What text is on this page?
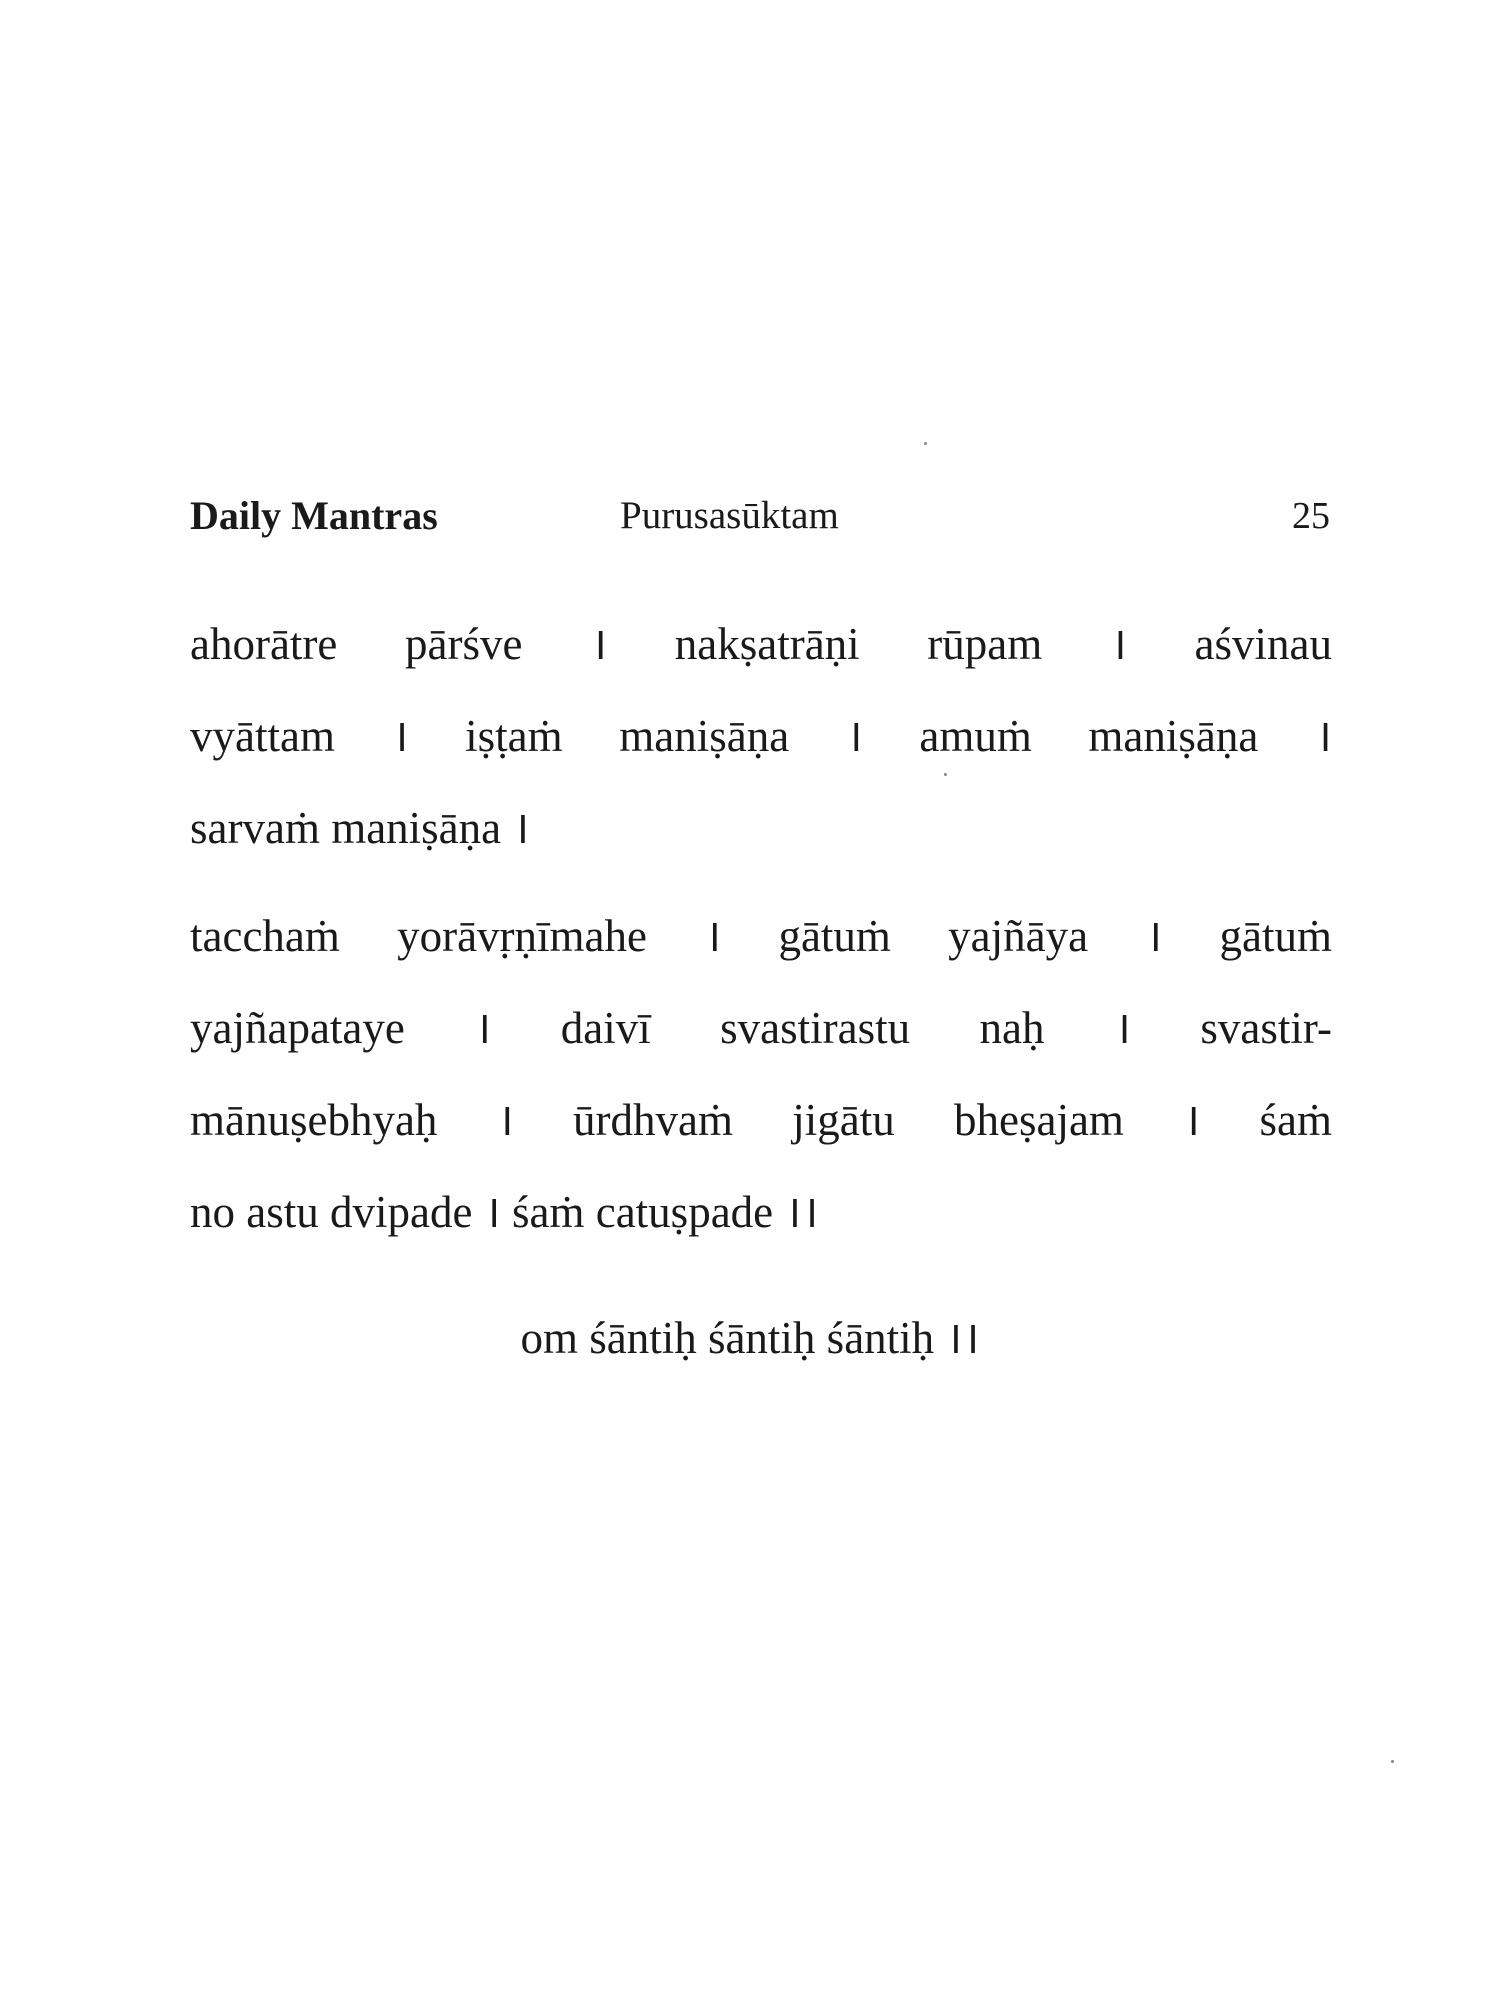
Daily Mantras	Purusasūktam	25
ahorātre pārśve । nakṣatrāṇi rūpam । aśvinau
vyāttam । iṣṭaṁ maniṣāṇa । amuṁ maniṣāṇa ।
sarvaṁ maniṣāṇa ।
tacchaṁ yorāvṛṇīmahe । gātuṁ yajñāya । gātuṁ
yajñapataye । daivī svastirastu naḥ । svastir-
mānuṣebhyaḥ । ūrdhvaṁ jigātu bheṣajam । śaṁ
no astu dvipade । śaṁ catuṣpade ।।
om śāntiḥ śāntiḥ śāntiḥ ।।
